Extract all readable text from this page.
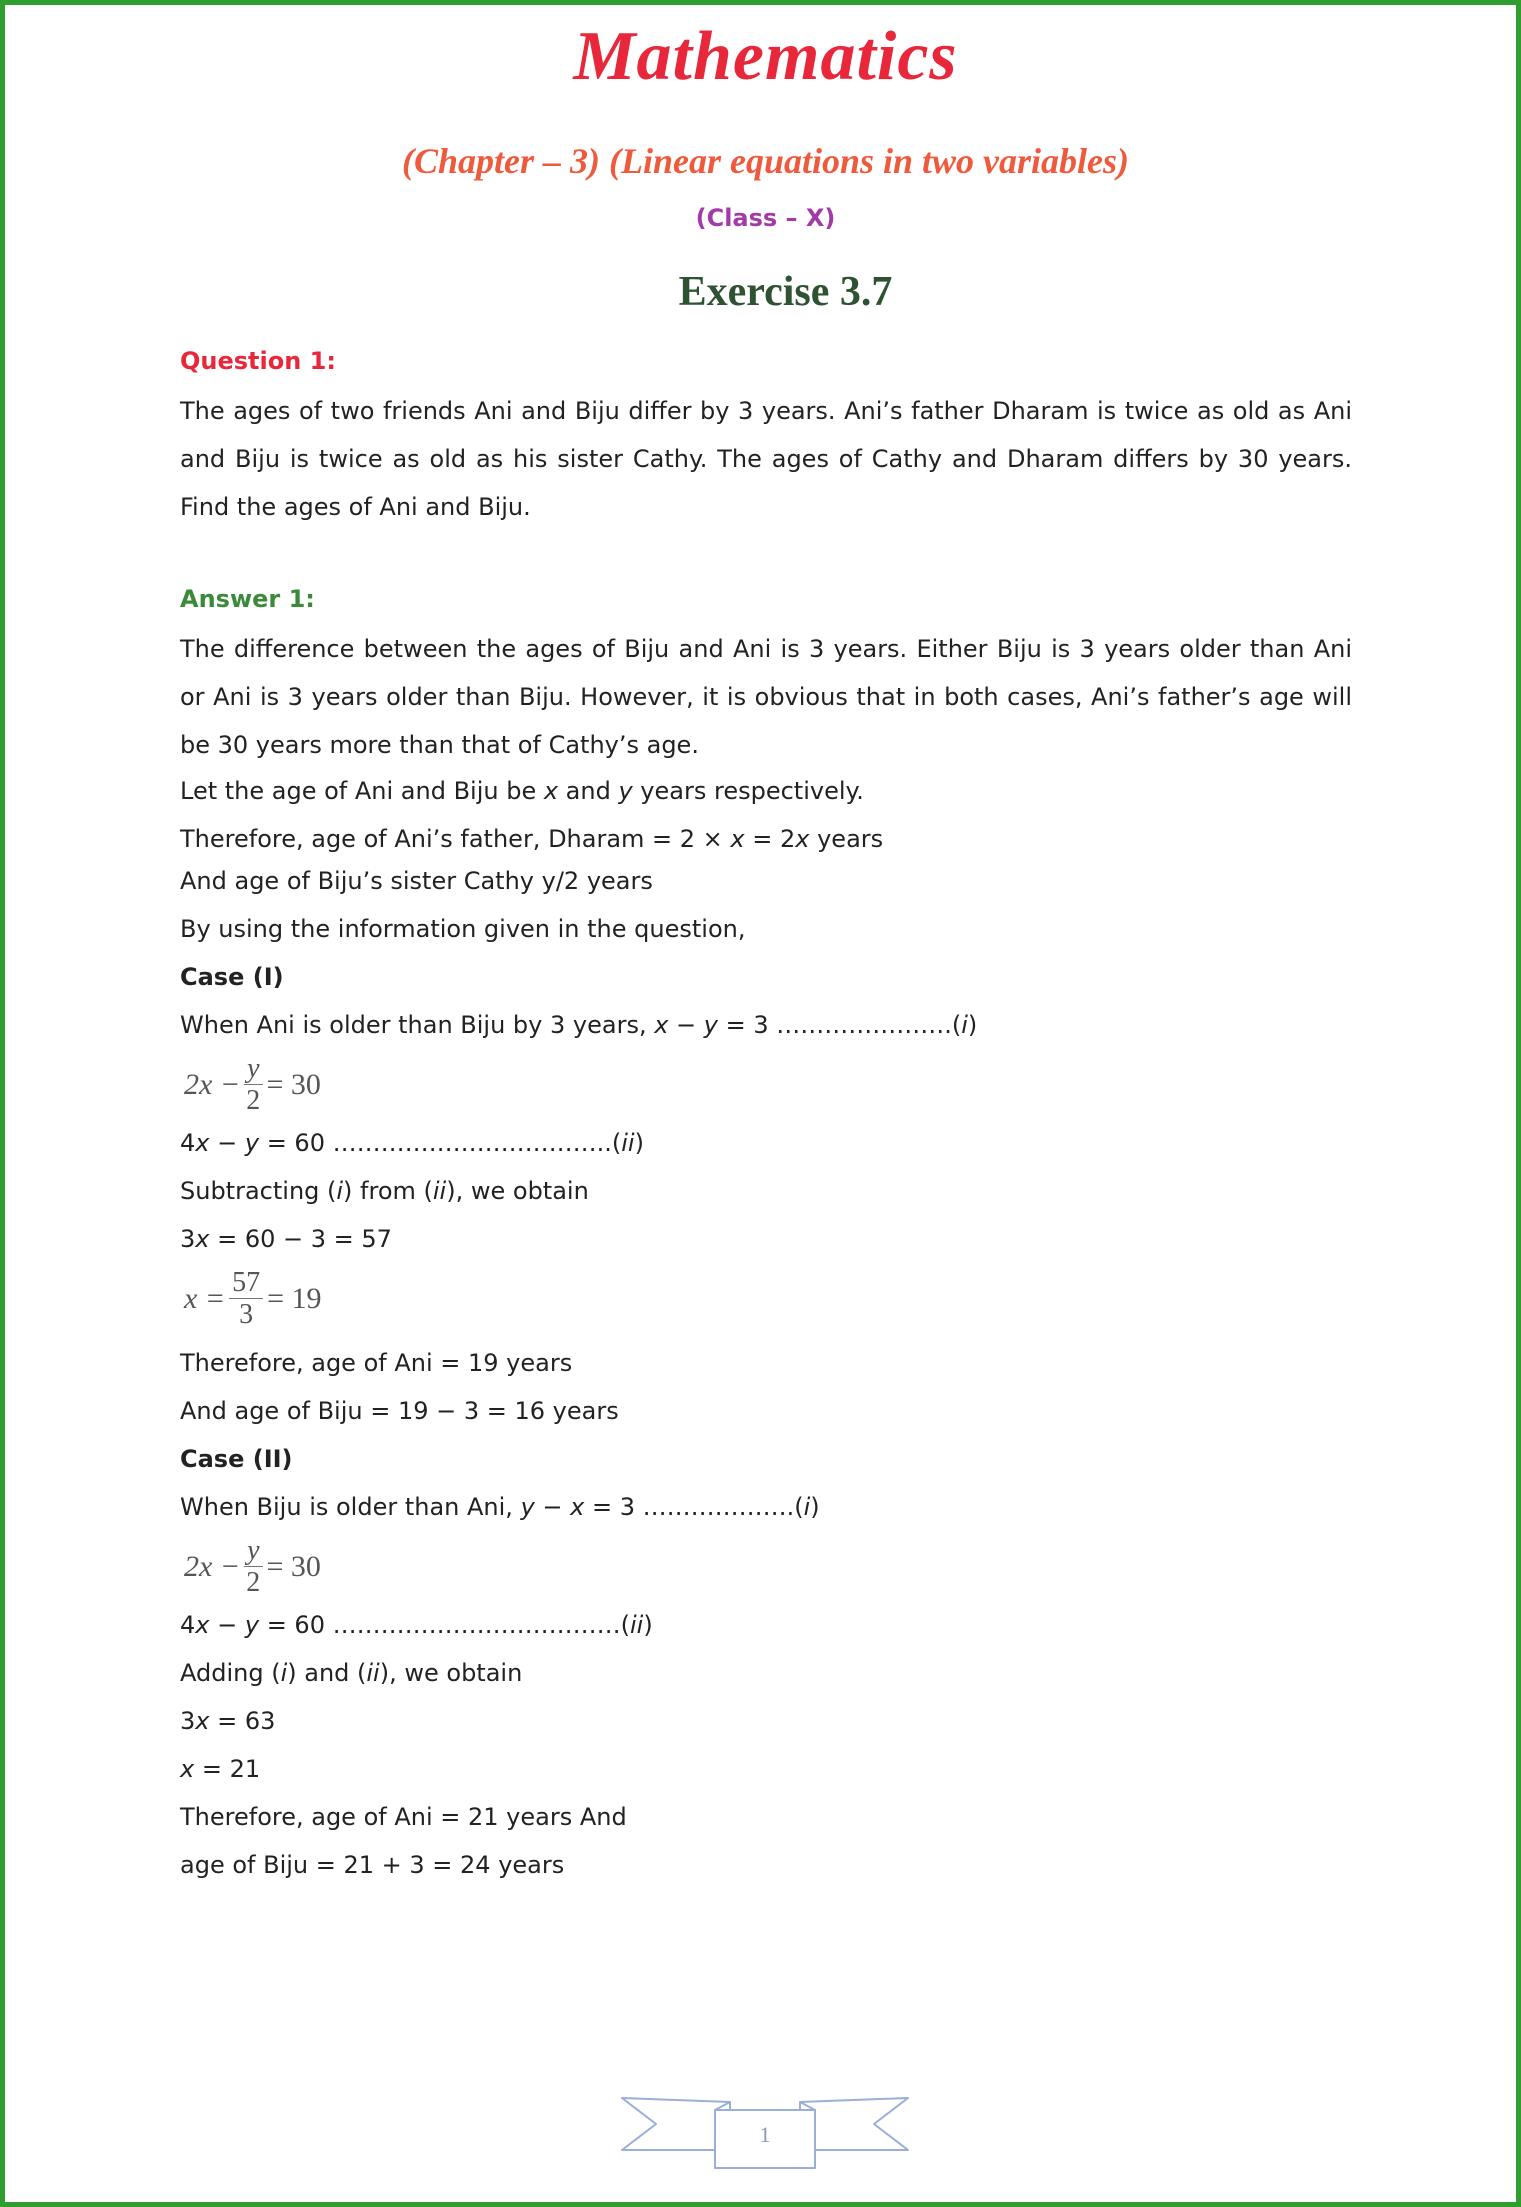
Mathematics
(Chapter – 3) (Linear equations in two variables)
(Class – X)
Exercise 3.7
Question 1:
The ages of two friends Ani and Biju differ by 3 years. Ani’s father Dharam is twice as old as Ani and Biju is twice as old as his sister Cathy. The ages of Cathy and Dharam differs by 30 years. Find the ages of Ani and Biju.
Answer 1:
The difference between the ages of Biju and Ani is 3 years. Either Biju is 3 years older than Ani or Ani is 3 years older than Biju. However, it is obvious that in both cases, Ani’s father’s age will be 30 years more than that of Cathy’s age.
Let the age of Ani and Biju be x and y years respectively.
Therefore, age of Ani’s father, Dharam = 2 × x = 2x years
And age of Biju’s sister Cathy y/2 years
By using the information given in the question,
Case (I)
When Ani is older than Biju by 3 years, x − y = 3 ………………….(i)
$2x - \frac{y}{2} = 30$
4x − y = 60 ……………………………..(ii)
Subtracting (i) from (ii), we obtain
3x = 60 − 3 = 57
$x = \frac{57}{3} = 19$
Therefore, age of Ani = 19 years
And age of Biju = 19 − 3 = 16 years
Case (II)
When Biju is older than Ani, y − x = 3 ……………….(i)
$2x - \frac{y}{2} = 30$
4x − y = 60 ………………………………(ii)
Adding (i) and (ii), we obtain
3x = 63
x = 21
Therefore, age of Ani = 21 years And
age of Biju = 21 + 3 = 24 years
1
